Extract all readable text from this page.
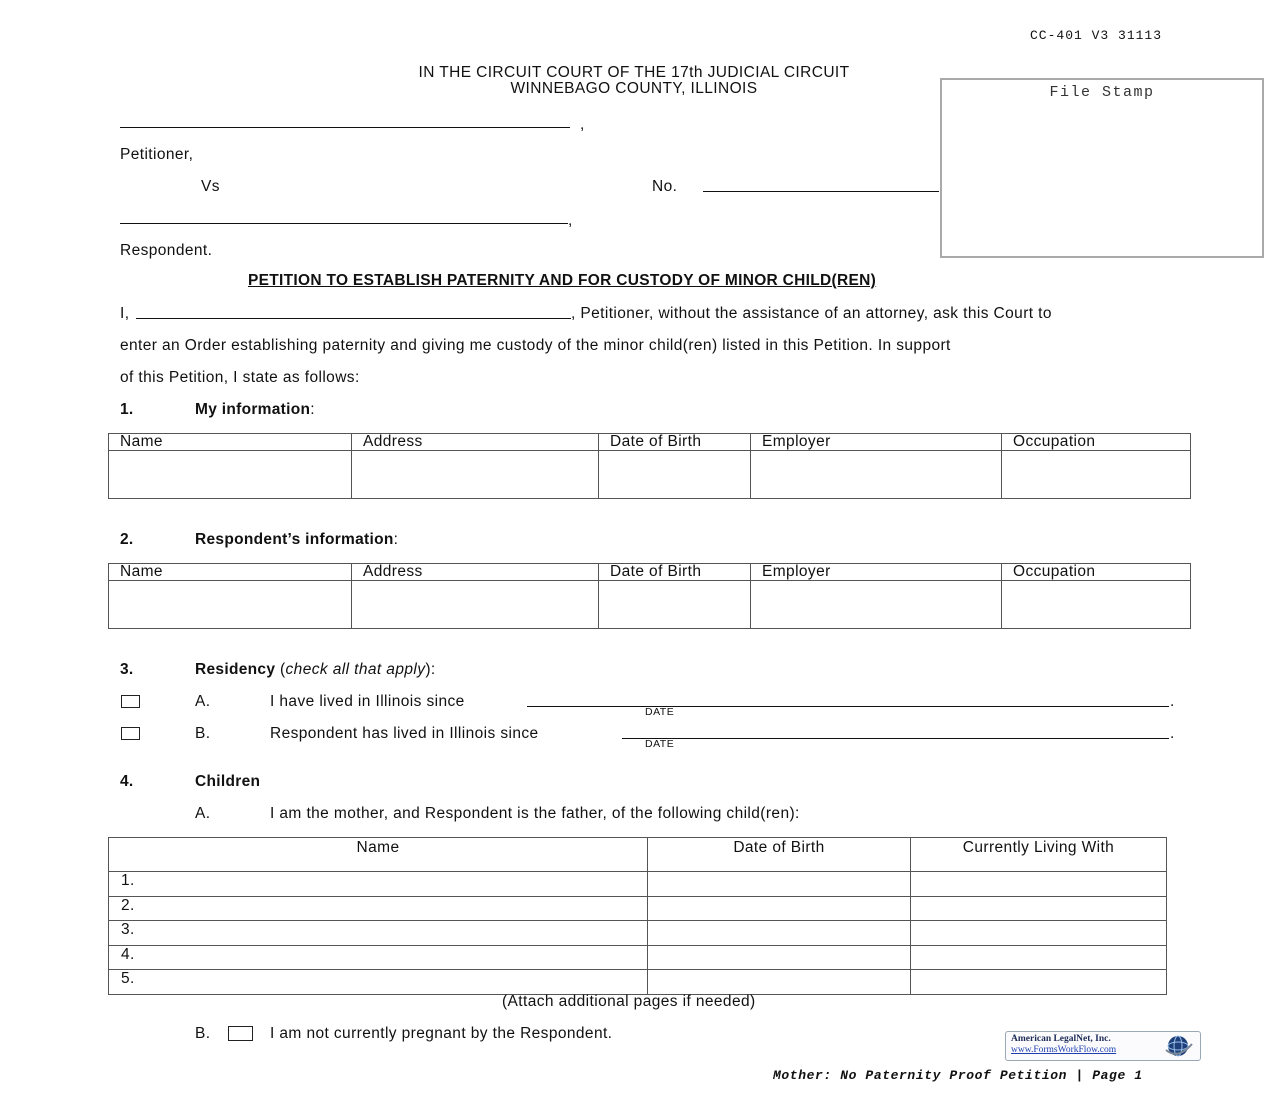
CC-401 V3 31113
IN THE CIRCUIT COURT OF THE 17th JUDICIAL CIRCUIT
WINNEBAGO COUNTY, ILLINOIS	File Stamp
,
Petitioner,
Vs	No.
,
Respondent.
PETITION TO ESTABLISH PATERNITY AND FOR CUSTODY OF MINOR CHILD(REN)
I,	, Petitioner, without the assistance of an attorney, ask this Court to
enter an Order establishing paternity and giving me custody of the minor child(ren) listed in this Petition. In support
of this Petition, I state as follows:
1.	My information:
Name	Address	Date of Birth	Employer	Occupation

2.	Respondent’s information:
Name	Address	Date of Birth	Employer	Occupation

3.	Residency (check all that apply):
A.	I have lived in Illinois since
DATE
.
B.	Respondent has lived in Illinois since
DATE
.
4.	Children
A.	I am the mother, and Respondent is the father, of the following child(ren):
Name	Date of Birth	Currently Living With
1.		
2.		
3.		
4.		
5.		
(Attach additional pages if needed)
B.	I am not currently pregnant by the Respondent.	American LegalNet, Inc.
www.FormsWorkFlow.com
Mother: No Paternity Proof Petition | Page 1
